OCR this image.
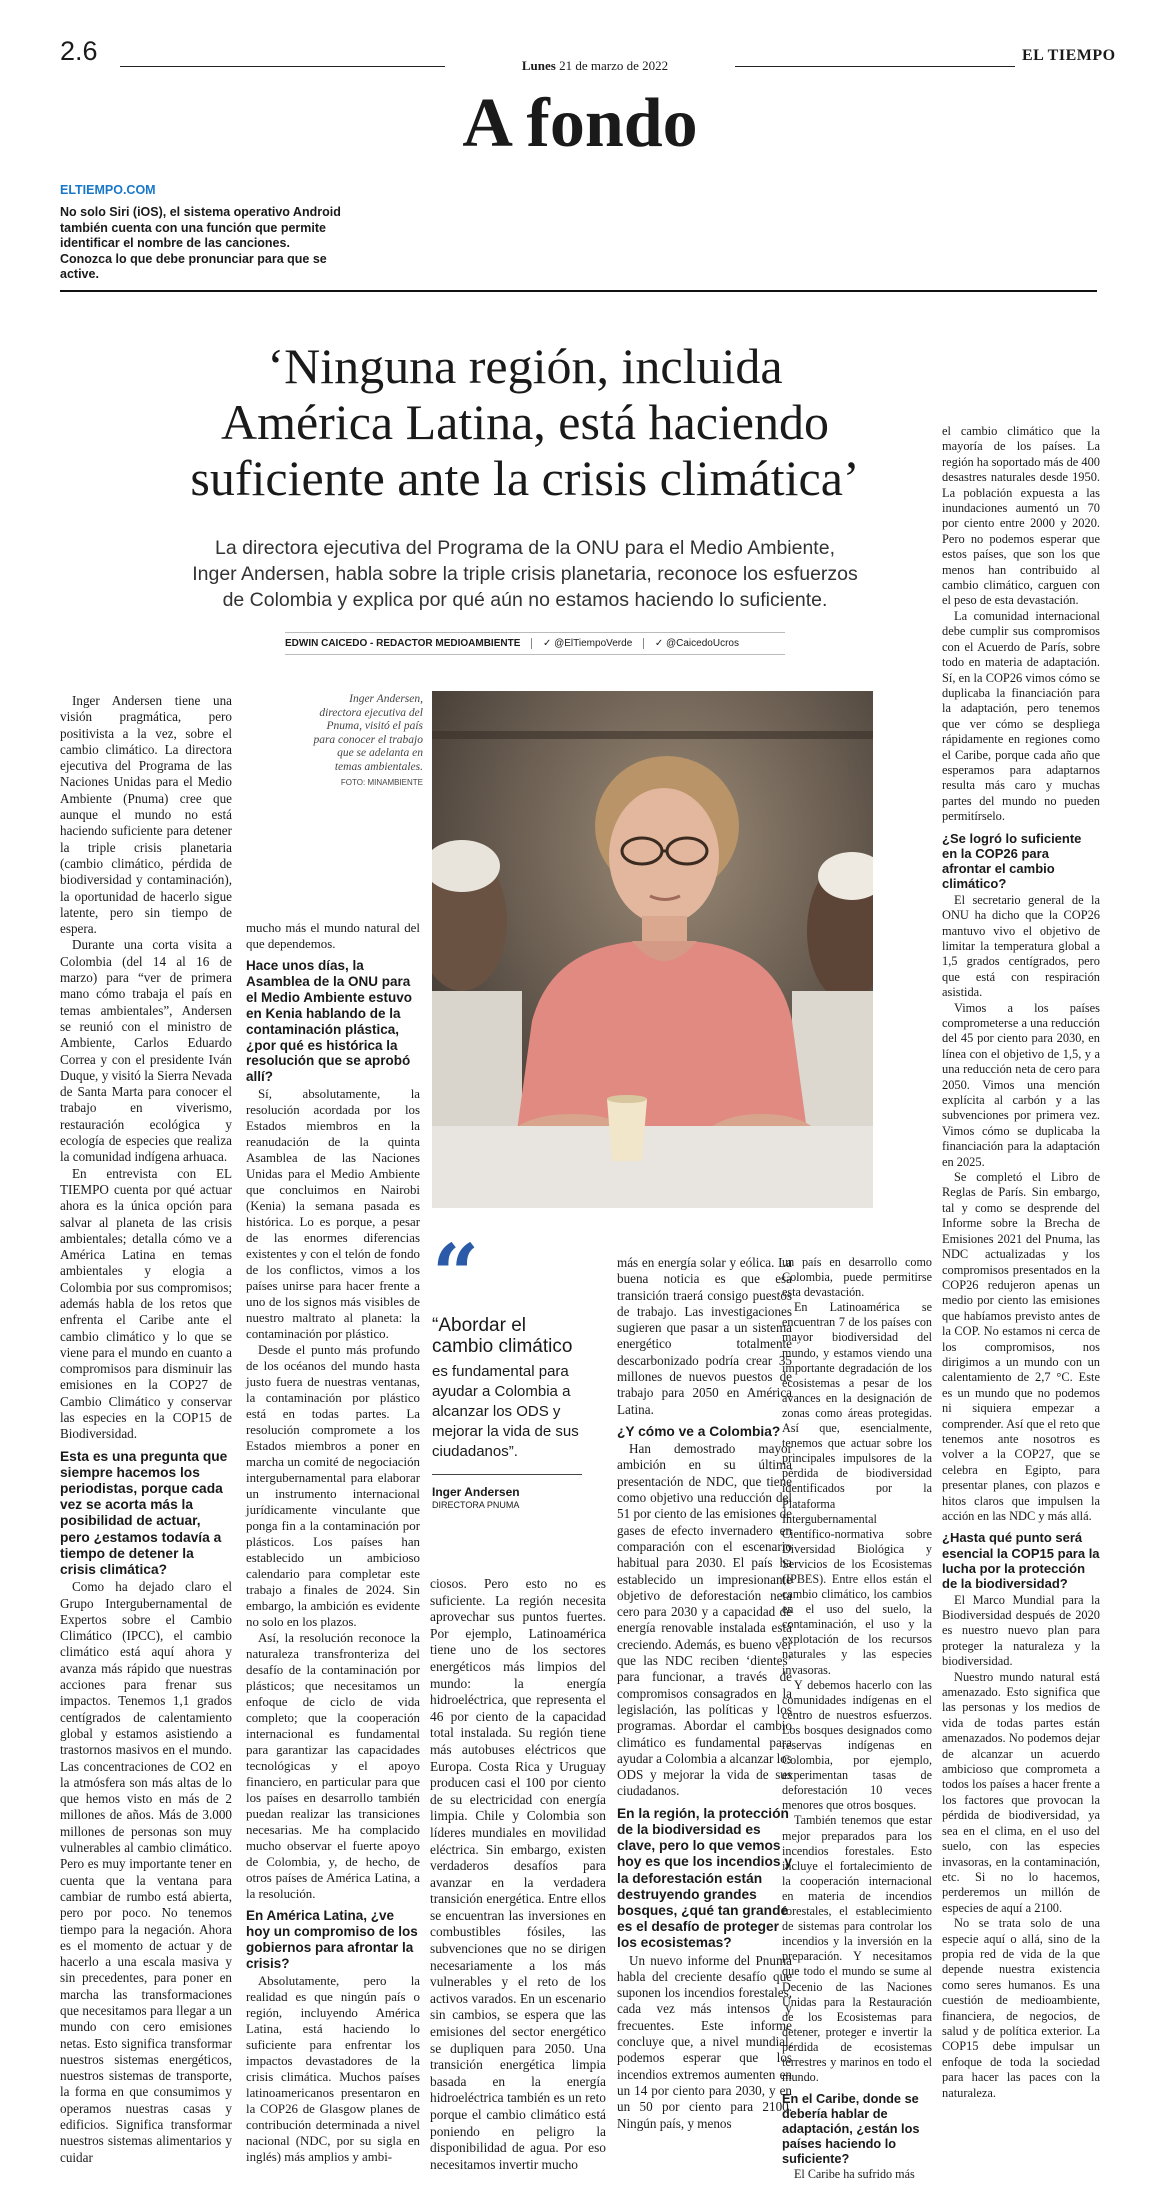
2.6	Lunes 21 de marzo de 2022
EL TIEMPO
A fondo
ELTIEMPO.COM
No solo Siri (iOS), el sistema operativo Android también cuenta con una función que permite identificar el nombre de las canciones. Conozca lo que debe pronunciar para que se active.
‘Ninguna región, incluida
América Latina, está haciendo
suficiente ante la crisis climática’
La directora ejecutiva del Programa de la ONU para el Medio Ambiente,
Inger Andersen, habla sobre la triple crisis planetaria, reconoce los esfuerzos
de Colombia y explica por qué aún no estamos haciendo lo suficiente.
EDWIN CAICEDO - REDACTOR MEDIOAMBIENTE ✓ @ElTiempoVerde ✓ @CaicedoUcros
Inger Andersen, directora ejecutiva del Pnuma, visitó el país para conocer el trabajo que se adelanta en temas ambientales.
FOTO: MINAMBIENTE
“
“Abordar el cambio climático
es fundamental para ayudar a Colombia a alcanzar los ODS y mejorar la vida de sus ciudadanos”.
Inger Andersen
DIRECTORA PNUMA

Inger Andersen tiene una visión pragmática, pero positivista a la vez, sobre el cambio climático. La directora ejecutiva del Programa de las Naciones Unidas para el Medio Ambiente (Pnuma) cree que aunque el mundo no está haciendo suficiente para detener la triple crisis planetaria (cambio climático, pérdida de biodiversidad y contaminación), la oportunidad de hacerlo sigue latente, pero sin tiempo de espera.

Durante una corta visita a Colombia (del 14 al 16 de marzo) para “ver de primera mano cómo trabaja el país en temas ambientales”, Andersen se reunió con el ministro de Ambiente, Carlos Eduardo Correa y con el presidente Iván Duque, y visitó la Sierra Nevada de Santa Marta para conocer el trabajo en viverismo, restauración ecológica y ecología de especies que realiza la comunidad indígena arhuaca.

En entrevista con EL TIEMPO cuenta por qué actuar ahora es la única opción para salvar al planeta de las crisis ambientales; detalla cómo ve a América Latina en temas ambientales y elogia a Colombia por sus compromisos; además habla de los retos que enfrenta el Caribe ante el cambio climático y lo que se viene para el mundo en cuanto a compromisos para disminuir las emisiones en la COP27 de Cambio Climático y conservar las especies en la COP15 de Biodiversidad.

Esta es una pregunta que siempre hacemos los periodistas, porque cada vez se acorta más la posibilidad de actuar, pero ¿estamos todavía a tiempo de detener la crisis climática?

Como ha dejado claro el Grupo Intergubernamental de Expertos sobre el Cambio Climático (IPCC), el cambio climático está aquí ahora y avanza más rápido que nuestras acciones para frenar sus impactos. Tenemos 1,1 grados centígrados de calentamiento global y estamos asistiendo a trastornos masivos en el mundo. Las concentraciones de CO2 en la atmósfera son más altas de lo que hemos visto en más de 2 millones de años. Más de 3.000 millones de personas son muy vulnerables al cambio climático. Pero es muy importante tener en cuenta que la ventana para cambiar de rumbo está abierta, pero por poco. No tenemos tiempo para la negación. Ahora es el momento de actuar y de hacerlo a una escala masiva y sin precedentes, para poner en marcha las transformaciones que necesitamos para llegar a un mundo con cero emisiones netas. Esto significa transformar nuestros sistemas energéticos, nuestros sistemas de transporte, la forma en que consumimos y operamos nuestras casas y edificios. Significa transformar nuestros sistemas alimentarios y cuidar

mucho más el mundo natural del que dependemos.

Hace unos días, la Asamblea de la ONU para el Medio Ambiente estuvo en Kenia hablando de la contaminación plástica, ¿por qué es histórica la resolución que se aprobó allí?

Sí, absolutamente, la resolución acordada por los Estados miembros en la reanudación de la quinta Asamblea de las Naciones Unidas para el Medio Ambiente que concluimos en Nairobi (Kenia) la semana pasada es histórica. Lo es porque, a pesar de las enormes diferencias existentes y con el telón de fondo de los conflictos, vimos a los países unirse para hacer frente a uno de los signos más visibles de nuestro maltrato al planeta: la contaminación por plástico.

Desde el punto más profundo de los océanos del mundo hasta justo fuera de nuestras ventanas, la contaminación por plástico está en todas partes. La resolución compromete a los Estados miembros a poner en marcha un comité de negociación intergubernamental para elaborar un instrumento internacional jurídicamente vinculante que ponga fin a la contaminación por plásticos. Los países han establecido un ambicioso calendario para completar este trabajo a finales de 2024. Sin embargo, la ambición es evidente no solo en los plazos.

Así, la resolución reconoce la naturaleza transfronteriza del desafío de la contaminación por plásticos; que necesitamos un enfoque de ciclo de vida completo; que la cooperación internacional es fundamental para garantizar las capacidades tecnológicas y el apoyo financiero, en particular para que los países en desarrollo también puedan realizar las transiciones necesarias. Me ha complacido mucho observar el fuerte apoyo de Colombia, y, de hecho, de otros países de América Latina, a la resolución.

En América Latina, ¿ve hoy un compromiso de los gobiernos para afrontar la crisis?

Absolutamente, pero la realidad es que ningún país o región, incluyendo América Latina, está haciendo lo suficiente para enfrentar los impactos devastadores de la crisis climática. Muchos países latinoamericanos presentaron en la COP26 de Glasgow planes de contribución determinada a nivel nacional (NDC, por su sigla en inglés) más amplios y ambi-

ciosos. Pero esto no es suficiente. La región necesita aprovechar sus puntos fuertes. Por ejemplo, Latinoamérica tiene uno de los sectores energéticos más limpios del mundo: la energía hidroeléctrica, que representa el 46 por ciento de la capacidad total instalada. Su región tiene más autobuses eléctricos que Europa. Costa Rica y Uruguay producen casi el 100 por ciento de su electricidad con energía limpia. Chile y Colombia son líderes mundiales en movilidad eléctrica. Sin embargo, existen verdaderos desafíos para avanzar en la verdadera transición energética. Entre ellos se encuentran las inversiones en combustibles fósiles, las subvenciones que no se dirigen necesariamente a los más vulnerables y el reto de los activos varados. En un escenario sin cambios, se espera que las emisiones del sector energético se dupliquen para 2050. Una transición energética limpia basada en la energía hidroeléctrica también es un reto porque el cambio climático está poniendo en peligro la disponibilidad de agua. Por eso necesitamos invertir mucho

más en energía solar y eólica. La buena noticia es que esa transición traerá consigo puestos de trabajo. Las investigaciones sugieren que pasar a un sistema energético totalmente descarbonizado podría crear 35 millones de nuevos puestos de trabajo para 2050 en América Latina.

¿Y cómo ve a Colombia?

Han demostrado mayor ambición en su última presentación de NDC, que tiene como objetivo una reducción del 51 por ciento de las emisiones de gases de efecto invernadero en comparación con el escenario habitual para 2030. El país ha establecido un impresionante objetivo de deforestación neta cero para 2030 y a capacidad de energía renovable instalada está creciendo. Además, es bueno ver que las NDC reciben ‘dientes’ para funcionar, a través de compromisos consagrados en la legislación, las políticas y los programas. Abordar el cambio climático es fundamental para ayudar a Colombia a alcanzar los ODS y mejorar la vida de sus ciudadanos.

En la región, la protección de la biodiversidad es clave, pero lo que vemos hoy es que los incendios y la deforestación están destruyendo grandes bosques, ¿qué tan grande es el desafío de proteger los ecosistemas?

Un nuevo informe del Pnuma habla del creciente desafío que suponen los incendios forestales, cada vez más intensos y frecuentes. Este informe concluye que, a nivel mundial, podemos esperar que los incendios extremos aumenten en un 14 por ciento para 2030, y en un 50 por ciento para 2100. Ningún país, y menos

un país en desarrollo como Colombia, puede permitirse esta devastación.

En Latinoamérica se encuentran 7 de los países con mayor biodiversidad del mundo, y estamos viendo una importante degradación de los ecosistemas a pesar de los avances en la designación de zonas como áreas protegidas. Así que, esencialmente, tenemos que actuar sobre los principales impulsores de la pérdida de biodiversidad identificados por la Plataforma Intergubernamental Científico-normativa sobre Diversidad Biológica y Servicios de los Ecosistemas (IPBES). Entre ellos están el cambio climático, los cambios en el uso del suelo, la contaminación, el uso y la explotación de los recursos naturales y las especies invasoras.

Y debemos hacerlo con las comunidades indígenas en el centro de nuestros esfuerzos. Los bosques designados como reservas indígenas en Colombia, por ejemplo, experimentan tasas de deforestación 10 veces menores que otros bosques.

También tenemos que estar mejor preparados para los incendios forestales. Esto incluye el fortalecimiento de la cooperación internacional en materia de incendios forestales, el establecimiento de sistemas para controlar los incendios y la inversión en la preparación. Y necesitamos que todo el mundo se sume al Decenio de las Naciones Unidas para la Restauración de los Ecosistemas para detener, proteger e invertir la pérdida de ecosistemas terrestres y marinos en todo el mundo.

En el Caribe, donde se debería hablar de adaptación, ¿están los países haciendo lo suficiente?

El Caribe ha sufrido más

el cambio climático que la mayoría de los países. La región ha soportado más de 400 desastres naturales desde 1950. La población expuesta a las inundaciones aumentó un 70 por ciento entre 2000 y 2020. Pero no podemos esperar que estos países, que son los que menos han contribuido al cambio climático, carguen con el peso de esta devastación.

La comunidad internacional debe cumplir sus compromisos con el Acuerdo de París, sobre todo en materia de adaptación. Sí, en la COP26 vimos cómo se duplicaba la financiación para la adaptación, pero tenemos que ver cómo se despliega rápidamente en regiones como el Caribe, porque cada año que esperamos para adaptarnos resulta más caro y muchas partes del mundo no pueden permitírselo.

¿Se logró lo suficiente en la COP26 para afrontar el cambio climático?

El secretario general de la ONU ha dicho que la COP26 mantuvo vivo el objetivo de limitar la temperatura global a 1,5 grados centígrados, pero que está con respiración asistida.

Vimos a los países comprometerse a una reducción del 45 por ciento para 2030, en línea con el objetivo de 1,5, y a una reducción neta de cero para 2050. Vimos una mención explícita al carbón y a las subvenciones por primera vez. Vimos cómo se duplicaba la financiación para la adaptación en 2025.

Se completó el Libro de Reglas de París. Sin embargo, tal y como se desprende del Informe sobre la Brecha de Emisiones 2021 del Pnuma, las NDC actualizadas y los compromisos presentados en la COP26 redujeron apenas un medio por ciento las emisiones que habíamos previsto antes de la COP. No estamos ni cerca de los compromisos, nos dirigimos a un mundo con un calentamiento de 2,7 °C. Este es un mundo que no podemos ni siquiera empezar a comprender. Así que el reto que tenemos ante nosotros es volver a la COP27, que se celebra en Egipto, para presentar planes, con plazos e hitos claros que impulsen la acción en las NDC y más allá.

¿Hasta qué punto será esencial la COP15 para la lucha por la protección de la biodiversidad?

El Marco Mundial para la Biodiversidad después de 2020 es nuestro nuevo plan para proteger la naturaleza y la biodiversidad.

Nuestro mundo natural está amenazado. Esto significa que las personas y los medios de vida de todas partes están amenazados. No podemos dejar de alcanzar un acuerdo ambicioso que comprometa a todos los países a hacer frente a los factores que provocan la pérdida de biodiversidad, ya sea en el clima, en el uso del suelo, con las especies invasoras, en la contaminación, etc. Si no lo hacemos, perderemos un millón de especies de aquí a 2100.

No se trata solo de una especie aquí o allá, sino de la propia red de vida de la que depende nuestra existencia como seres humanos. Es una cuestión de medioambiente, financiera, de negocios, de salud y de política exterior. La COP15 debe impulsar un enfoque de toda la sociedad para hacer las paces con la naturaleza.
